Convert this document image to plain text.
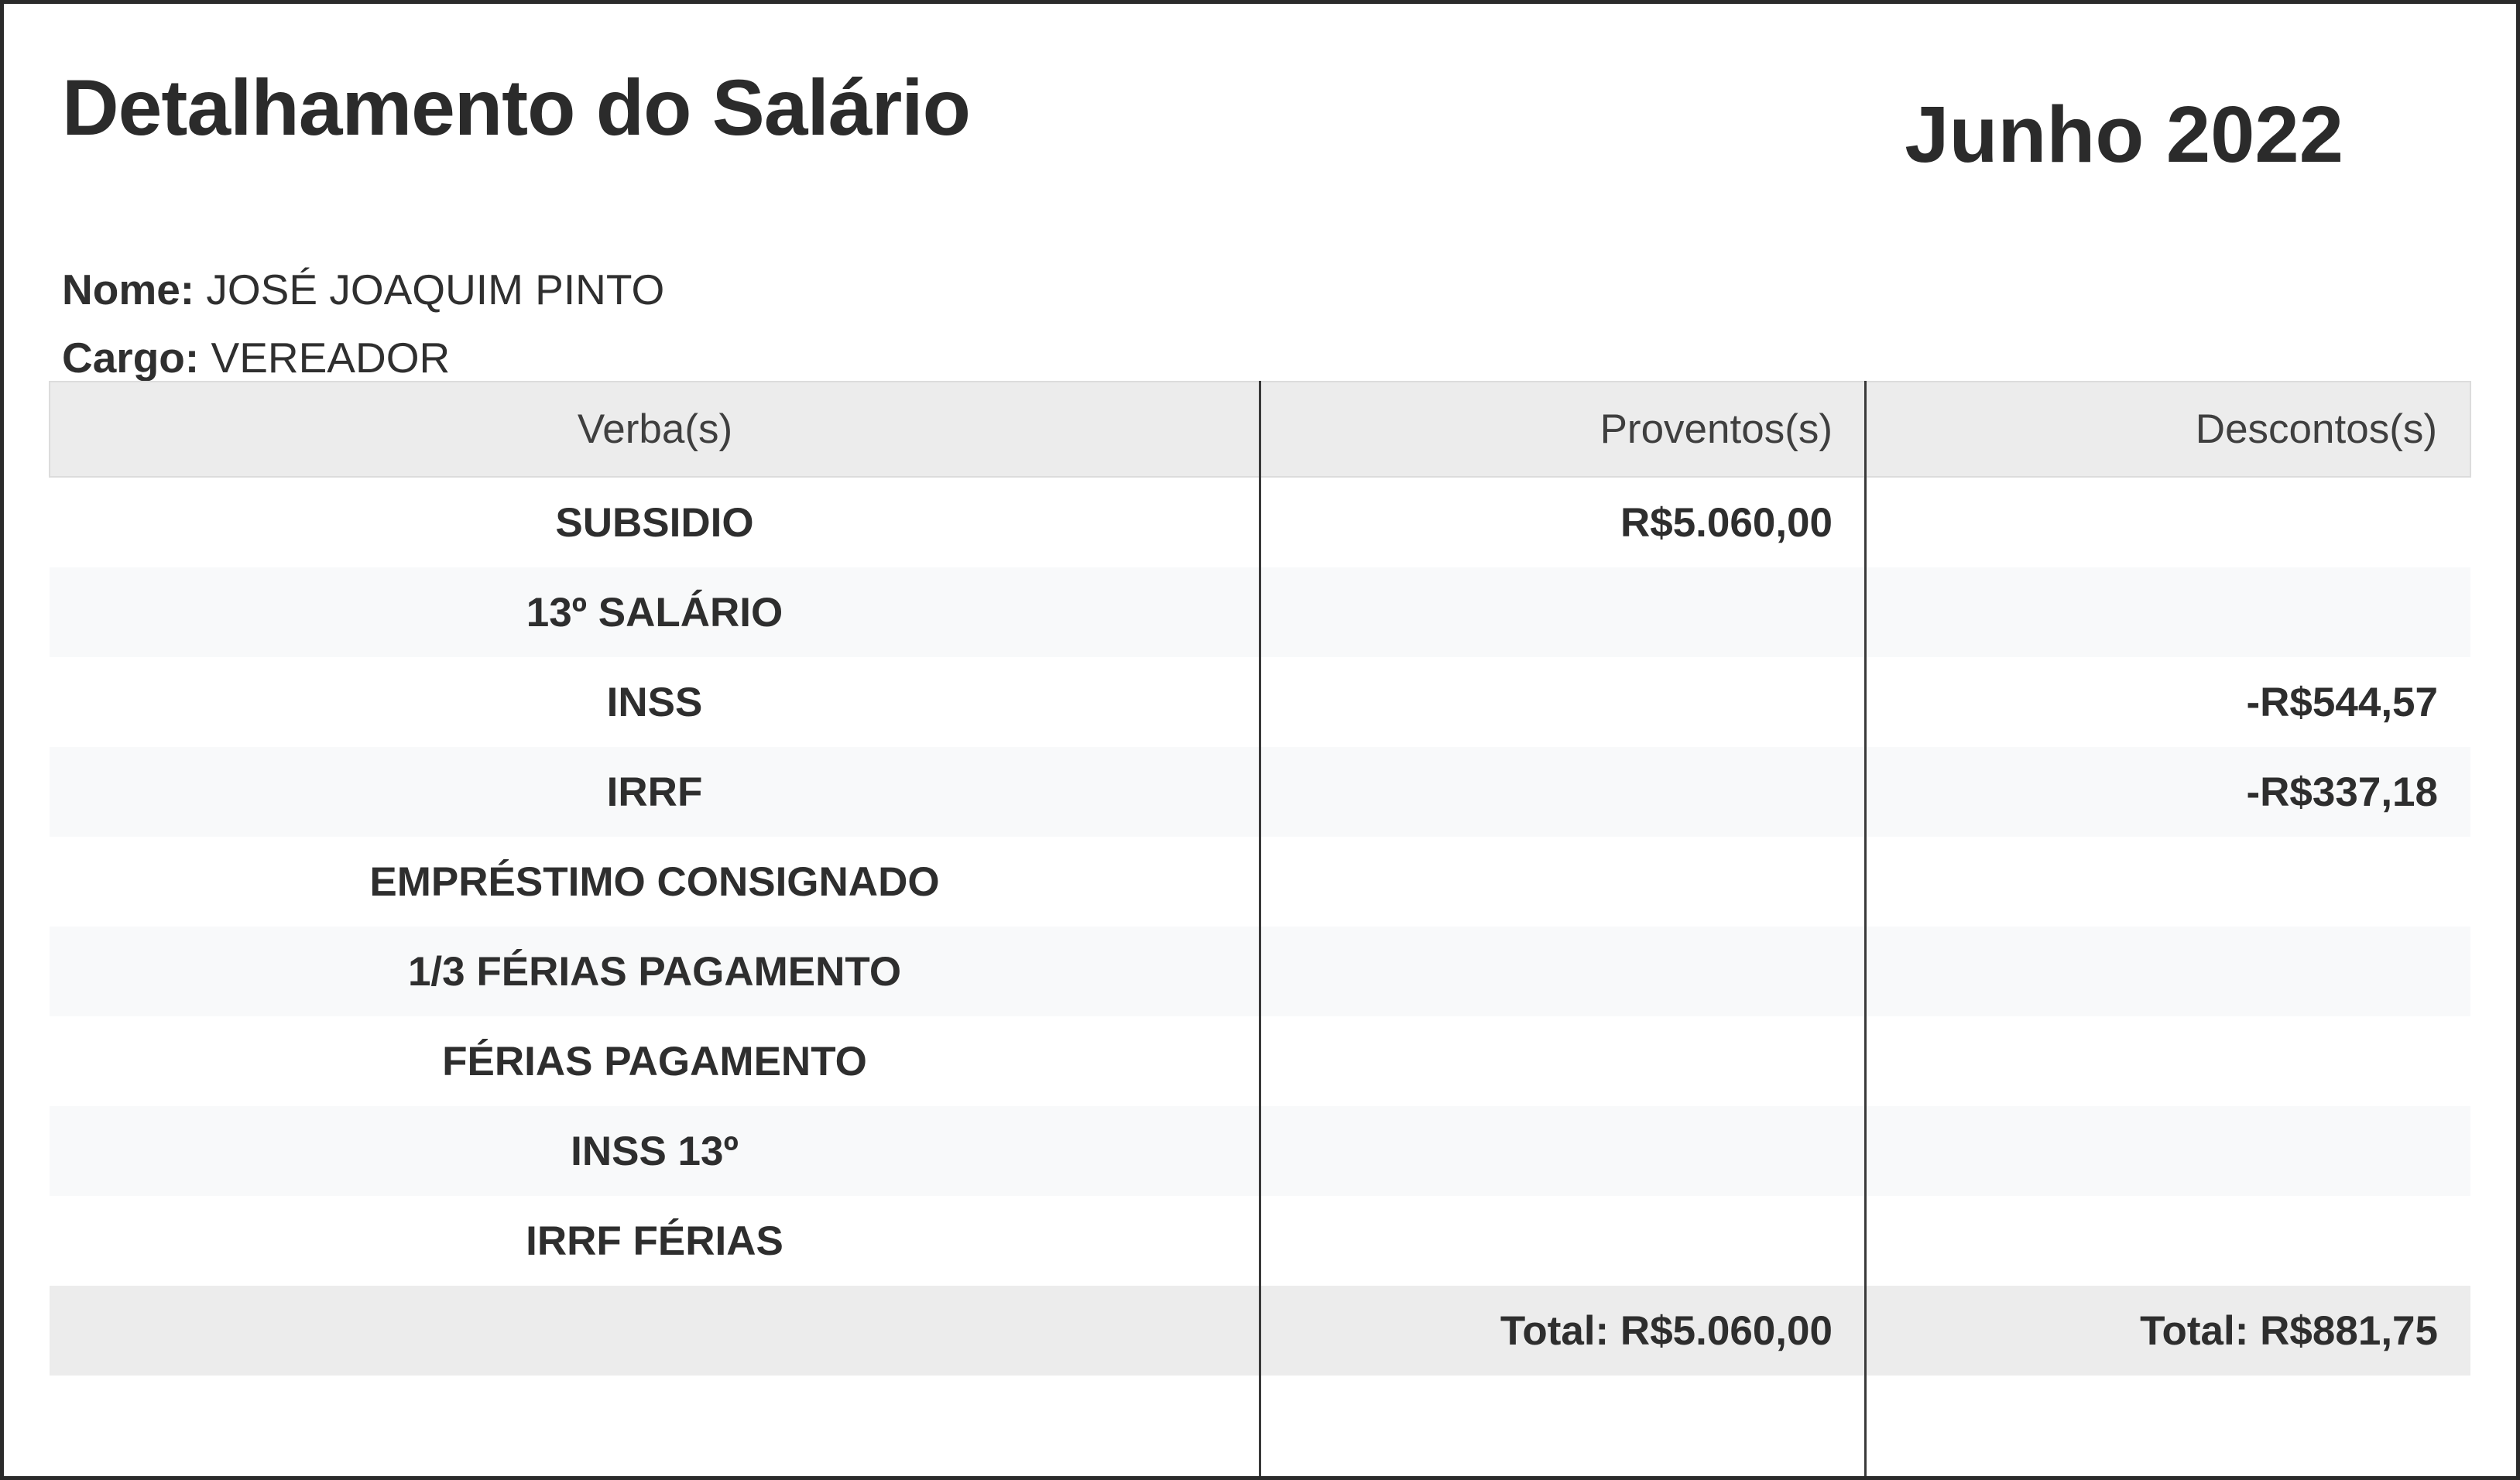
Detalhamento do Salário	Junho 2022
Nome: JOSÉ JOAQUIM PINTO
Cargo: VEREADOR
Verba(s)	Proventos(s)	Descontos(s)
SUBSIDIO	R$5.060,00	
13º SALÁRIO		
INSS		-R$544,57
IRRF		-R$337,18
EMPRÉSTIMO CONSIGNADO		
1/3 FÉRIAS PAGAMENTO		
FÉRIAS PAGAMENTO		
INSS 13º		
IRRF FÉRIAS		
	Total: R$5.060,00	Total: R$881,75
